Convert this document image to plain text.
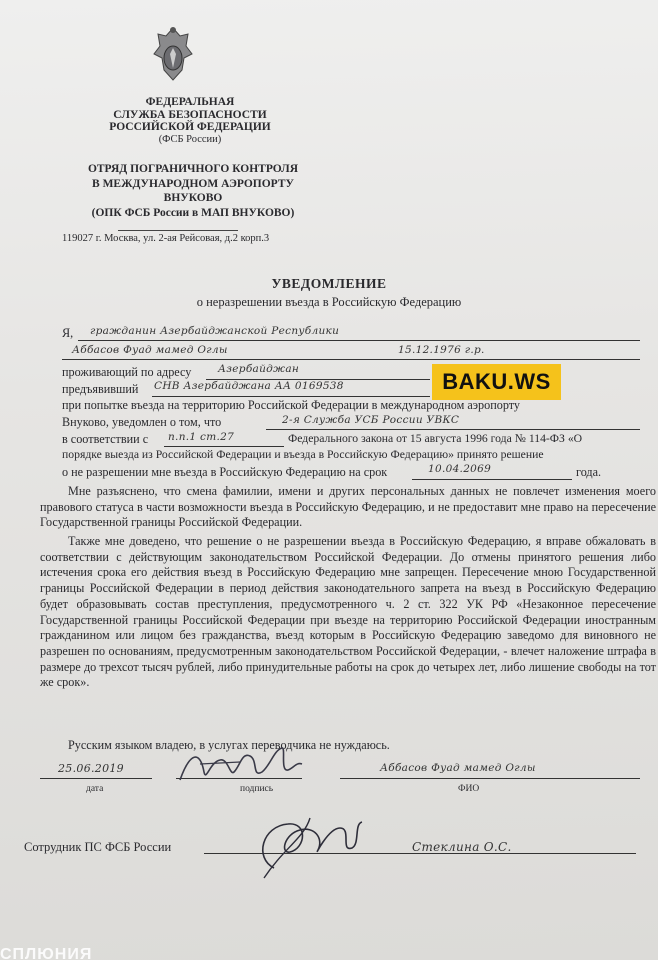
ФЕДЕРАЛЬНАЯ
СЛУЖБА БЕЗОПАСНОСТИ
РОССИЙСКОЙ ФЕДЕРАЦИИ
(ФСБ России)
ОТРЯД ПОГРАНИЧНОГО КОНТРОЛЯ
В МЕЖДУНАРОДНОМ АЭРОПОРТУ
ВНУКОВО
(ОПК ФСБ России в МАП ВНУКОВО)
119027 г. Москва, ул. 2-ая Рейсовая, д.2 корп.3
УВЕДОМЛЕНИЕ
о неразрешении въезда в Российскую Федерацию
Я, гражданин Азербайджанской Республики
Аббасов Фуад мамед Оглы	15.12.1976 г.р.
проживающий по адресу	Азербайджан
предъявивший СНВ Азербайджана АА 0169538	BAKU.WS
при попытке въезда на территорию Российской Федерации в международном аэропорту
Внуково, уведомлен о том, что	2-я Служба УСБ России УВКС
в соответствии с п.п.1 ст.27	Федерального закона от 15 августа 1996 года № 114-ФЗ «О
порядке выезда из Российской Федерации и въезда в Российскую Федерацию» принято решение
о не разрешении мне въезда в Российскую Федерацию на срок	10.04.2069	года.
Мне разъяснено, что смена фамилии, имени и других персональных данных не повлечет изменения моего правового статуса в части возможности въезда в Российскую Федерацию, и не предоставит мне право на пересечение Государственной границы Российской Федерации.
Также мне доведено, что решение о не разрешении въезда в Российскую Федерацию, я вправе обжаловать в соответствии с действующим законодательством Российской Федерации. До отмены принятого решения либо истечения срока его действия въезд в Российскую Федерацию мне запрещен. Пересечение мною Государственной границы Российской Федерации в период действия законодательного запрета на въезд в Российскую Федерацию будет образовывать состав преступления, предусмотренного ч. 2 ст. 322 УК РФ «Незаконное пересечение Государственной границы Российской Федерации при въезде на территорию Российской Федерации иностранным гражданином или лицом без гражданства, въезд которым в Российскую Федерацию заведомо для виновного не разрешен по основаниям, предусмотренным законодательством Российской Федерации, - влечет наложение штрафа в размере до трехсот тысяч рублей, либо принудительные работы на срок до четырех лет, либо лишение свободы на тот же срок».
Русским языком владею, в услугах переводчика не нуждаюсь.
25.06.2019	Аббасов Фуад мамед Оглы
дата	подпись	ФИО
Сотрудник ПС ФСБ России	Стеклина О.С.
СПЛЮНИЯ
